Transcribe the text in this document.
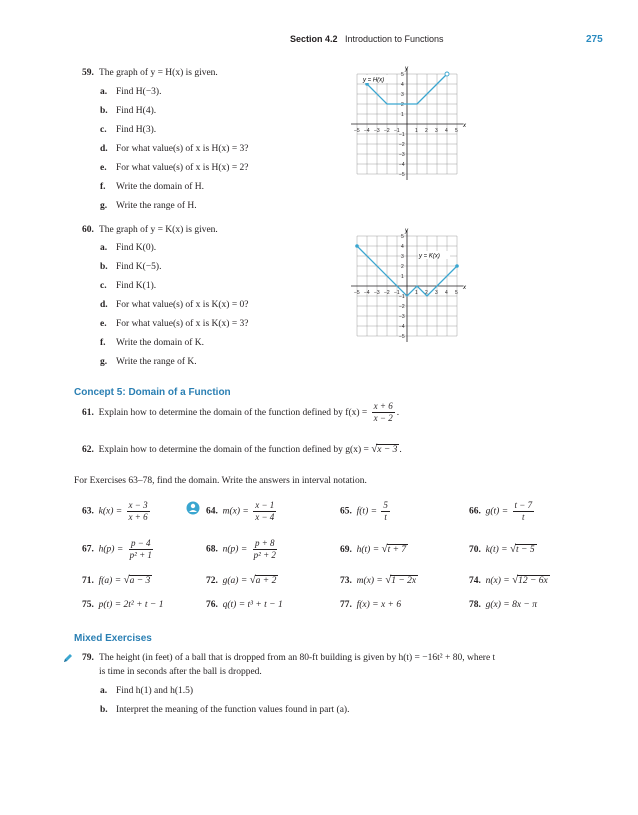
Section 4.2 Introduction to Functions	275
59. The graph of y = H(x) is given.
a. Find H(−3).
b. Find H(4).
c. Find H(3).
d. For what value(s) of x is H(x) = 3?
e. For what value(s) of x is H(x) = 2?
f. Write the domain of H.
g. Write the range of H.
x
y
−5 −4 −3 −2 −1	1 2 3 4 5
1
2
3
4
5
−1
−2
−3
−4
−5
y = H(x)
60. The graph of y = K(x) is given.
a. Find K(0).
b. Find K(−5).
c. Find K(1).
d. For what value(s) of x is K(x) = 0?
e. For what value(s) of x is K(x) = 3?
f. Write the domain of K.
g. Write the range of K.
x
y
−5 −4 −3 −2 −1	1 2 3 4 5
1
2
3
4
5
−1
−2
−3
−4
−5
y = K(x)
Concept 5: Domain of a Function
61. Explain how to determine the domain of the function defined by $f(x) = \frac{x + 6}{x - 2}$ .
62. Explain how to determine the domain of the function defined by g(x) = √x − 3 .
For Exercises 63–78, find the domain. Write the answers in interval notation.
63. $k(x) = \frac{x - 3}{x + 6}$	64. $m(x) = \frac{x - 1}{x - 4}$	65. $f(t) = \frac{5}{t}$	66. $g(t) = \frac{t - 7}{t}$
67. $h(p) = \frac{p - 4}{\text{p² + 1}}$	68. $n(p) = \frac{p + 8}{\text{p² + 2}}$	69. h(t) = √t + 7	70. k(t) = √t − 5
71. f(a) = √a − 3	72. g(a) = √a + 2	73. m(x) = √1 − 2x	74. n(x) = √12 − 6x
75. p(t) = 2t² + t − 1	76. q(t) = t³ + t − 1	77. f(x) = x + 6	78. g(x) = 8x − π
Mixed Exercises
79. The height (in feet) of a ball that is dropped from an 80-ft building is given by h(t) = −16t² + 80, where t
is time in seconds after the ball is dropped.
a. Find h(1) and h(1.5)
b. Interpret the meaning of the function values found in part (a).
